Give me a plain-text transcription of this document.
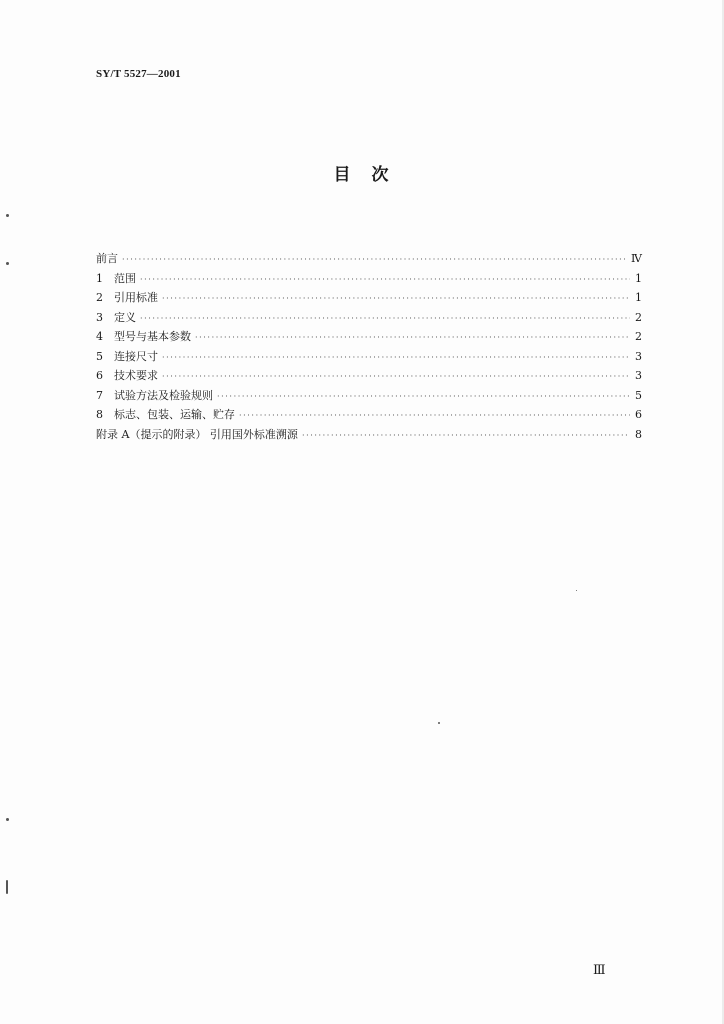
SY/T 5527—2001
目　次
前言 ·····	Ⅳ
1	范围 ·····	1
2	引用标准 ·····	1
3	定义 ·····	2
4	型号与基本参数 ·····	2
5	连接尺寸 ·····	3
6	技术要求 ·····	3
7	试验方法及检验规则 ·····	5
8	标志、包装、运输、贮存 ·····	6
附录 A（提示的附录） 引用国外标准溯源 ·····	8
Ⅲ
